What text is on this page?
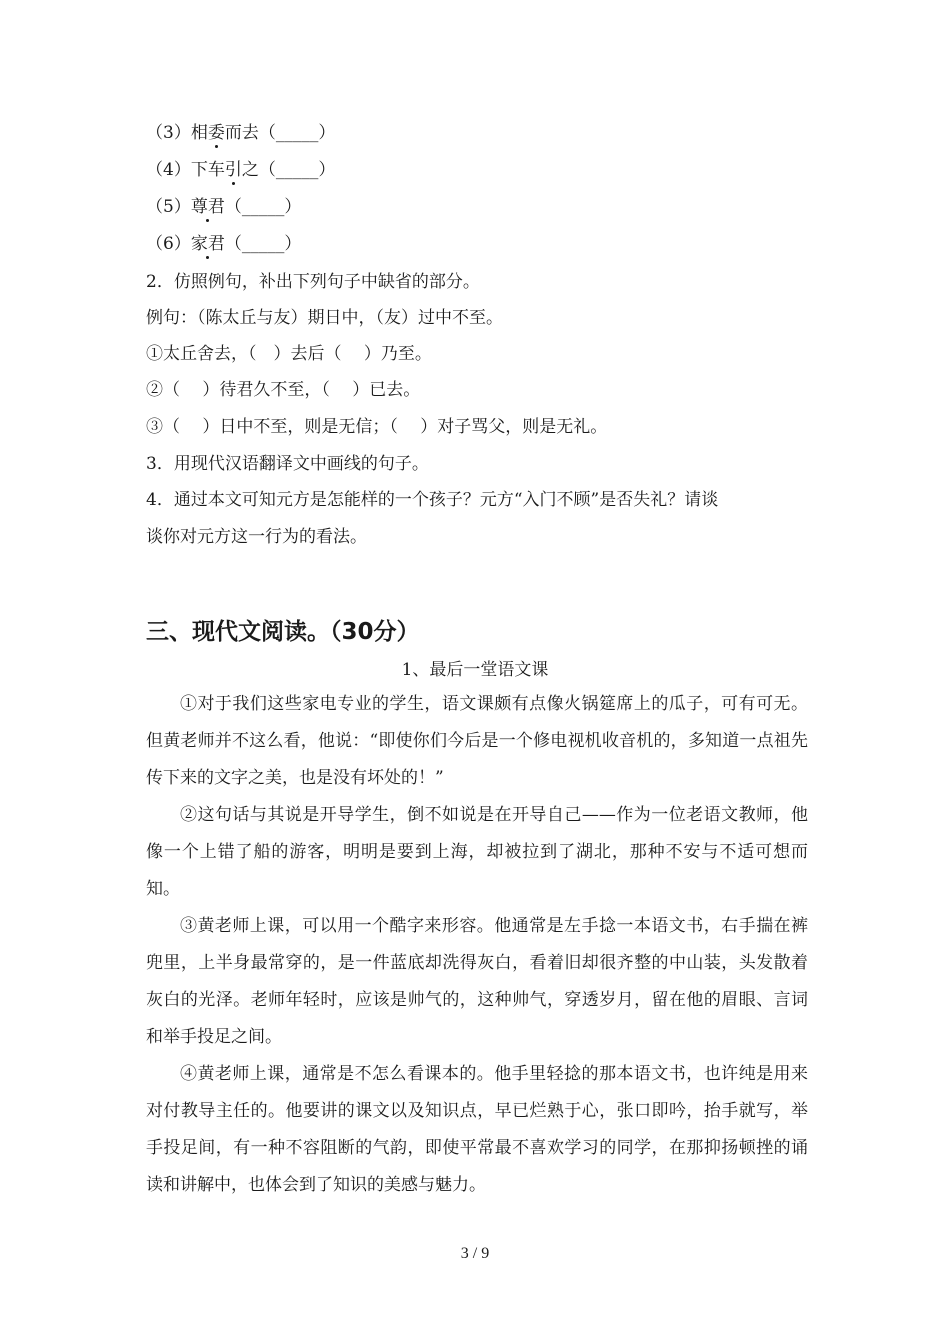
（3）相委而去（_____）
（4）下车引之（_____）
（5）尊君（_____）
（6）家君（_____）
2．仿照例句，补出下列句子中缺省的部分。
例句：（陈太丘与友）期日中，（友）过中不至。
①太丘舍去，（　）去后（　 ）乃至。
②（　 ）待君久不至，（　 ）已去。
③（　 ）日中不至，则是无信；（　 ）对子骂父，则是无礼。
3．用现代汉语翻译文中画线的句子。
4．通过本文可知元方是怎能样的一个孩子？元方“入门不顾”是否失礼？请谈
谈你对元方这一行为的看法。
三、现代文阅读。（30分）
1、最后一堂语文课
①对于我们这些家电专业的学生，语文课颇有点像火锅筵席上的瓜子，可有可无。但黄老师并不这么看，他说：“即使你们今后是一个修电视机收音机的，多知道一点祖先传下来的文字之美，也是没有坏处的！”
②这句话与其说是开导学生，倒不如说是在开导自己——作为一位老语文教师，他像一个上错了船的游客，明明是要到上海，却被拉到了湖北，那种不安与不适可想而知。
③黄老师上课，可以用一个酷字来形容。他通常是左手捻一本语文书，右手揣在裤兜里，上半身最常穿的，是一件蓝底却洗得灰白，看着旧却很齐整的中山装，头发散着灰白的光泽。老师年轻时，应该是帅气的，这种帅气，穿透岁月，留在他的眉眼、言词和举手投足之间。
④黄老师上课，通常是不怎么看课本的。他手里轻捻的那本语文书，也许纯是用来对付教导主任的。他要讲的课文以及知识点，早已烂熟于心，张口即吟，抬手就写，举手投足间，有一种不容阻断的气韵，即使平常最不喜欢学习的同学，在那抑扬顿挫的诵读和讲解中，也体会到了知识的美感与魅力。
3 / 9
